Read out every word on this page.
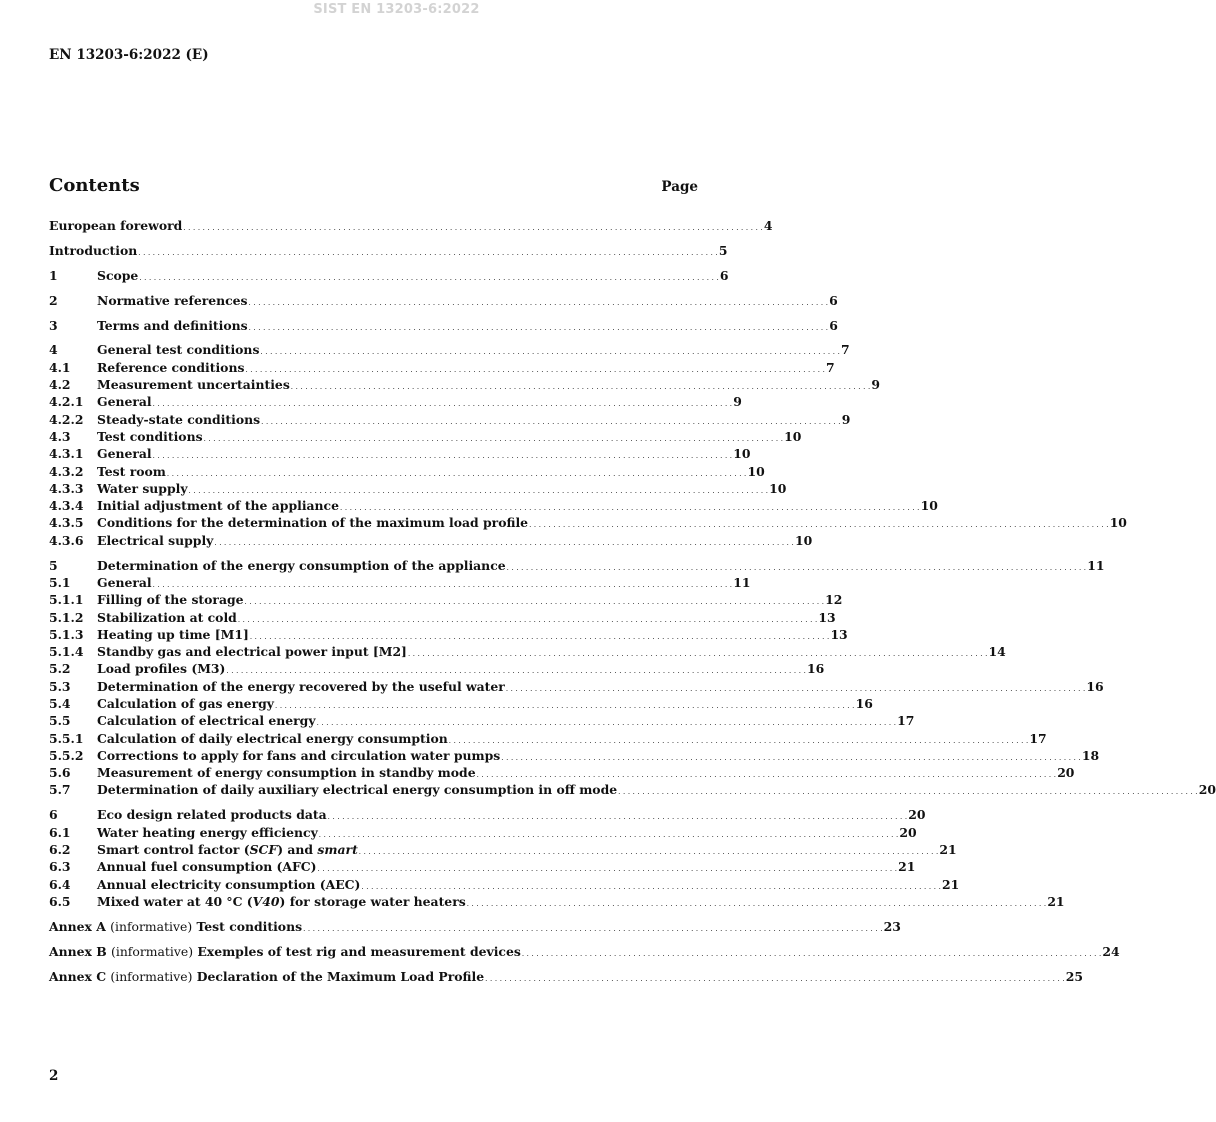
SIST EN 13203-6:2022
EN 13203-6:2022 (E)
Contents	Page
European foreword . . . . . . . . . . . . . . . . . . . . . . . . . . . . . . . . . . . . . . . . . . . . . . . . . . . . . . . . . . . . . . . . . . . . . . . . . . . . . . . . . . . . . . . . . . . . . . . . . . . . . . . . . . . . . . . . . . . . . . . . 4
Introduction . . . . . . . . . . . . . . . . . . . . . . . . . . . . . . . . . . . . . . . . . . . . . . . . . . . . . . . . . . . . . . . . . . . . . . . . . . . . . . . . . . . . . . . . . . . . . . . . . . . . . . . . . . . . . . . . . . . . . . . . 5
1	Scope . . . . . . . . . . . . . . . . . . . . . . . . . . . . . . . . . . . . . . . . . . . . . . . . . . . . . . . . . . . . . . . . . . . . . . . . . . . . . . . . . . . . . . . . . . . . . . . . . . . . . . . . . . . . . . . . . . . . . . . . 6
2	Normative references . . . . . . . . . . . . . . . . . . . . . . . . . . . . . . . . . . . . . . . . . . . . . . . . . . . . . . . . . . . . . . . . . . . . . . . . . . . . . . . . . . . . . . . . . . . . . . . . . . . . . . . . . . . . . . . . . . . . . . . . 6
3	Terms and definitions . . . . . . . . . . . . . . . . . . . . . . . . . . . . . . . . . . . . . . . . . . . . . . . . . . . . . . . . . . . . . . . . . . . . . . . . . . . . . . . . . . . . . . . . . . . . . . . . . . . . . . . . . . . . . . . . . . . . . . . . 6
4	General test conditions . . . . . . . . . . . . . . . . . . . . . . . . . . . . . . . . . . . . . . . . . . . . . . . . . . . . . . . . . . . . . . . . . . . . . . . . . . . . . . . . . . . . . . . . . . . . . . . . . . . . . . . . . . . . . . . . . . . . . . . . 7
4.1	Reference conditions . . . . . . . . . . . . . . . . . . . . . . . . . . . . . . . . . . . . . . . . . . . . . . . . . . . . . . . . . . . . . . . . . . . . . . . . . . . . . . . . . . . . . . . . . . . . . . . . . . . . . . . . . . . . . . . . . . . . . . . . 7
4.2	Measurement uncertainties . . . . . . . . . . . . . . . . . . . . . . . . . . . . . . . . . . . . . . . . . . . . . . . . . . . . . . . . . . . . . . . . . . . . . . . . . . . . . . . . . . . . . . . . . . . . . . . . . . . . . . . . . . . . . . . . . . . . . . . . 9
4.2.1	General . . . . . . . . . . . . . . . . . . . . . . . . . . . . . . . . . . . . . . . . . . . . . . . . . . . . . . . . . . . . . . . . . . . . . . . . . . . . . . . . . . . . . . . . . . . . . . . . . . . . . . . . . . . . . . . . . . . . . . . . 9
4.2.2	Steady-state conditions . . . . . . . . . . . . . . . . . . . . . . . . . . . . . . . . . . . . . . . . . . . . . . . . . . . . . . . . . . . . . . . . . . . . . . . . . . . . . . . . . . . . . . . . . . . . . . . . . . . . . . . . . . . . . . . . . . . . . . . . 9
4.3	Test conditions . . . . . . . . . . . . . . . . . . . . . . . . . . . . . . . . . . . . . . . . . . . . . . . . . . . . . . . . . . . . . . . . . . . . . . . . . . . . . . . . . . . . . . . . . . . . . . . . . . . . . . . . . . . . . . . . . . . . . . . . 10
4.3.1	General . . . . . . . . . . . . . . . . . . . . . . . . . . . . . . . . . . . . . . . . . . . . . . . . . . . . . . . . . . . . . . . . . . . . . . . . . . . . . . . . . . . . . . . . . . . . . . . . . . . . . . . . . . . . . . . . . . . . . . . . 10
4.3.2	Test room . . . . . . . . . . . . . . . . . . . . . . . . . . . . . . . . . . . . . . . . . . . . . . . . . . . . . . . . . . . . . . . . . . . . . . . . . . . . . . . . . . . . . . . . . . . . . . . . . . . . . . . . . . . . . . . . . . . . . . . . 10
4.3.3	Water supply . . . . . . . . . . . . . . . . . . . . . . . . . . . . . . . . . . . . . . . . . . . . . . . . . . . . . . . . . . . . . . . . . . . . . . . . . . . . . . . . . . . . . . . . . . . . . . . . . . . . . . . . . . . . . . . . . . . . . . . . 10
4.3.4	Initial adjustment of the appliance . . . . . . . . . . . . . . . . . . . . . . . . . . . . . . . . . . . . . . . . . . . . . . . . . . . . . . . . . . . . . . . . . . . . . . . . . . . . . . . . . . . . . . . . . . . . . . . . . . . . . . . . . . . . . . . . . . . . . . . . 10
4.3.5	Conditions for the determination of the maximum load profile . . . . . . . . . . . . . . . . . . . . . . . . . . . . . . . . . . . . . . . . . . . . . . . . . . . . . . . . . . . . . . . . . . . . . . . . . . . . . . . . . . . . . . . . . . . . . . . . . . . . . . . . . . . . . . . . . . . . . . . . 10
4.3.6	Electrical supply . . . . . . . . . . . . . . . . . . . . . . . . . . . . . . . . . . . . . . . . . . . . . . . . . . . . . . . . . . . . . . . . . . . . . . . . . . . . . . . . . . . . . . . . . . . . . . . . . . . . . . . . . . . . . . . . . . . . . . . . 10
5	Determination of the energy consumption of the appliance . . . . . . . . . . . . . . . . . . . . . . . . . . . . . . . . . . . . . . . . . . . . . . . . . . . . . . . . . . . . . . . . . . . . . . . . . . . . . . . . . . . . . . . . . . . . . . . . . . . . . . . . . . . . . . . . . . . . . . . . 11
5.1	General . . . . . . . . . . . . . . . . . . . . . . . . . . . . . . . . . . . . . . . . . . . . . . . . . . . . . . . . . . . . . . . . . . . . . . . . . . . . . . . . . . . . . . . . . . . . . . . . . . . . . . . . . . . . . . . . . . . . . . . . 11
5.1.1	Filling of the storage . . . . . . . . . . . . . . . . . . . . . . . . . . . . . . . . . . . . . . . . . . . . . . . . . . . . . . . . . . . . . . . . . . . . . . . . . . . . . . . . . . . . . . . . . . . . . . . . . . . . . . . . . . . . . . . . . . . . . . . . 12
5.1.2	Stabilization at cold . . . . . . . . . . . . . . . . . . . . . . . . . . . . . . . . . . . . . . . . . . . . . . . . . . . . . . . . . . . . . . . . . . . . . . . . . . . . . . . . . . . . . . . . . . . . . . . . . . . . . . . . . . . . . . . . . . . . . . . . 13
5.1.3	Heating up time [M1] . . . . . . . . . . . . . . . . . . . . . . . . . . . . . . . . . . . . . . . . . . . . . . . . . . . . . . . . . . . . . . . . . . . . . . . . . . . . . . . . . . . . . . . . . . . . . . . . . . . . . . . . . . . . . . . . . . . . . . . . 13
5.1.4	Standby gas and electrical power input [M2] . . . . . . . . . . . . . . . . . . . . . . . . . . . . . . . . . . . . . . . . . . . . . . . . . . . . . . . . . . . . . . . . . . . . . . . . . . . . . . . . . . . . . . . . . . . . . . . . . . . . . . . . . . . . . . . . . . . . . . . . 14
5.2	Load profiles (M3) . . . . . . . . . . . . . . . . . . . . . . . . . . . . . . . . . . . . . . . . . . . . . . . . . . . . . . . . . . . . . . . . . . . . . . . . . . . . . . . . . . . . . . . . . . . . . . . . . . . . . . . . . . . . . . . . . . . . . . . . 16
5.3	Determination of the energy recovered by the useful water . . . . . . . . . . . . . . . . . . . . . . . . . . . . . . . . . . . . . . . . . . . . . . . . . . . . . . . . . . . . . . . . . . . . . . . . . . . . . . . . . . . . . . . . . . . . . . . . . . . . . . . . . . . . . . . . . . . . . . . . 16
5.4	Calculation of gas energy . . . . . . . . . . . . . . . . . . . . . . . . . . . . . . . . . . . . . . . . . . . . . . . . . . . . . . . . . . . . . . . . . . . . . . . . . . . . . . . . . . . . . . . . . . . . . . . . . . . . . . . . . . . . . . . . . . . . . . . . 16
5.5	Calculation of electrical energy . . . . . . . . . . . . . . . . . . . . . . . . . . . . . . . . . . . . . . . . . . . . . . . . . . . . . . . . . . . . . . . . . . . . . . . . . . . . . . . . . . . . . . . . . . . . . . . . . . . . . . . . . . . . . . . . . . . . . . . . 17
5.5.1	Calculation of daily electrical energy consumption . . . . . . . . . . . . . . . . . . . . . . . . . . . . . . . . . . . . . . . . . . . . . . . . . . . . . . . . . . . . . . . . . . . . . . . . . . . . . . . . . . . . . . . . . . . . . . . . . . . . . . . . . . . . . . . . . . . . . . . . 17
5.5.2	Corrections to apply for fans and circulation water pumps . . . . . . . . . . . . . . . . . . . . . . . . . . . . . . . . . . . . . . . . . . . . . . . . . . . . . . . . . . . . . . . . . . . . . . . . . . . . . . . . . . . . . . . . . . . . . . . . . . . . . . . . . . . . . . . . . . . . . . . . 18
5.6	Measurement of energy consumption in standby mode . . . . . . . . . . . . . . . . . . . . . . . . . . . . . . . . . . . . . . . . . . . . . . . . . . . . . . . . . . . . . . . . . . . . . . . . . . . . . . . . . . . . . . . . . . . . . . . . . . . . . . . . . . . . . . . . . . . . . . . . 20
5.7	Determination of daily auxiliary electrical energy consumption in off mode . . . . . . . . . . . . . . . . . . . . . . . . . . . . . . . . . . . . . . . . . . . . . . . . . . . . . . . . . . . . . . . . . . . . . . . . . . . . . . . . . . . . . . . . . . . . . . . . . . . . . . . . . . . . . . . . . . . . . . . . 20
6	Eco design related products data . . . . . . . . . . . . . . . . . . . . . . . . . . . . . . . . . . . . . . . . . . . . . . . . . . . . . . . . . . . . . . . . . . . . . . . . . . . . . . . . . . . . . . . . . . . . . . . . . . . . . . . . . . . . . . . . . . . . . . . . 20
6.1	Water heating energy efficiency . . . . . . . . . . . . . . . . . . . . . . . . . . . . . . . . . . . . . . . . . . . . . . . . . . . . . . . . . . . . . . . . . . . . . . . . . . . . . . . . . . . . . . . . . . . . . . . . . . . . . . . . . . . . . . . . . . . . . . . . 20
6.2	Smart control factor (SCF) and smart . . . . . . . . . . . . . . . . . . . . . . . . . . . . . . . . . . . . . . . . . . . . . . . . . . . . . . . . . . . . . . . . . . . . . . . . . . . . . . . . . . . . . . . . . . . . . . . . . . . . . . . . . . . . . . . . . . . . . . . . 21
6.3	Annual fuel consumption (AFC) . . . . . . . . . . . . . . . . . . . . . . . . . . . . . . . . . . . . . . . . . . . . . . . . . . . . . . . . . . . . . . . . . . . . . . . . . . . . . . . . . . . . . . . . . . . . . . . . . . . . . . . . . . . . . . . . . . . . . . . . 21
6.4	Annual electricity consumption (AEC) . . . . . . . . . . . . . . . . . . . . . . . . . . . . . . . . . . . . . . . . . . . . . . . . . . . . . . . . . . . . . . . . . . . . . . . . . . . . . . . . . . . . . . . . . . . . . . . . . . . . . . . . . . . . . . . . . . . . . . . . 21
6.5	Mixed water at 40 °C (V40) for storage water heaters . . . . . . . . . . . . . . . . . . . . . . . . . . . . . . . . . . . . . . . . . . . . . . . . . . . . . . . . . . . . . . . . . . . . . . . . . . . . . . . . . . . . . . . . . . . . . . . . . . . . . . . . . . . . . . . . . . . . . . . . 21
Annex A (informative) Test conditions . . . . . . . . . . . . . . . . . . . . . . . . . . . . . . . . . . . . . . . . . . . . . . . . . . . . . . . . . . . . . . . . . . . . . . . . . . . . . . . . . . . . . . . . . . . . . . . . . . . . . . . . . . . . . . . . . . . . . . . . 23
Annex B (informative) Exemples of test rig and measurement devices . . . . . . . . . . . . . . . . . . . . . . . . . . . . . . . . . . . . . . . . . . . . . . . . . . . . . . . . . . . . . . . . . . . . . . . . . . . . . . . . . . . . . . . . . . . . . . . . . . . . . . . . . . . . . . . . . . . . . . . . 24
Annex C (informative) Declaration of the Maximum Load Profile . . . . . . . . . . . . . . . . . . . . . . . . . . . . . . . . . . . . . . . . . . . . . . . . . . . . . . . . . . . . . . . . . . . . . . . . . . . . . . . . . . . . . . . . . . . . . . . . . . . . . . . . . . . . . . . . . . . . . . . . 25
2
